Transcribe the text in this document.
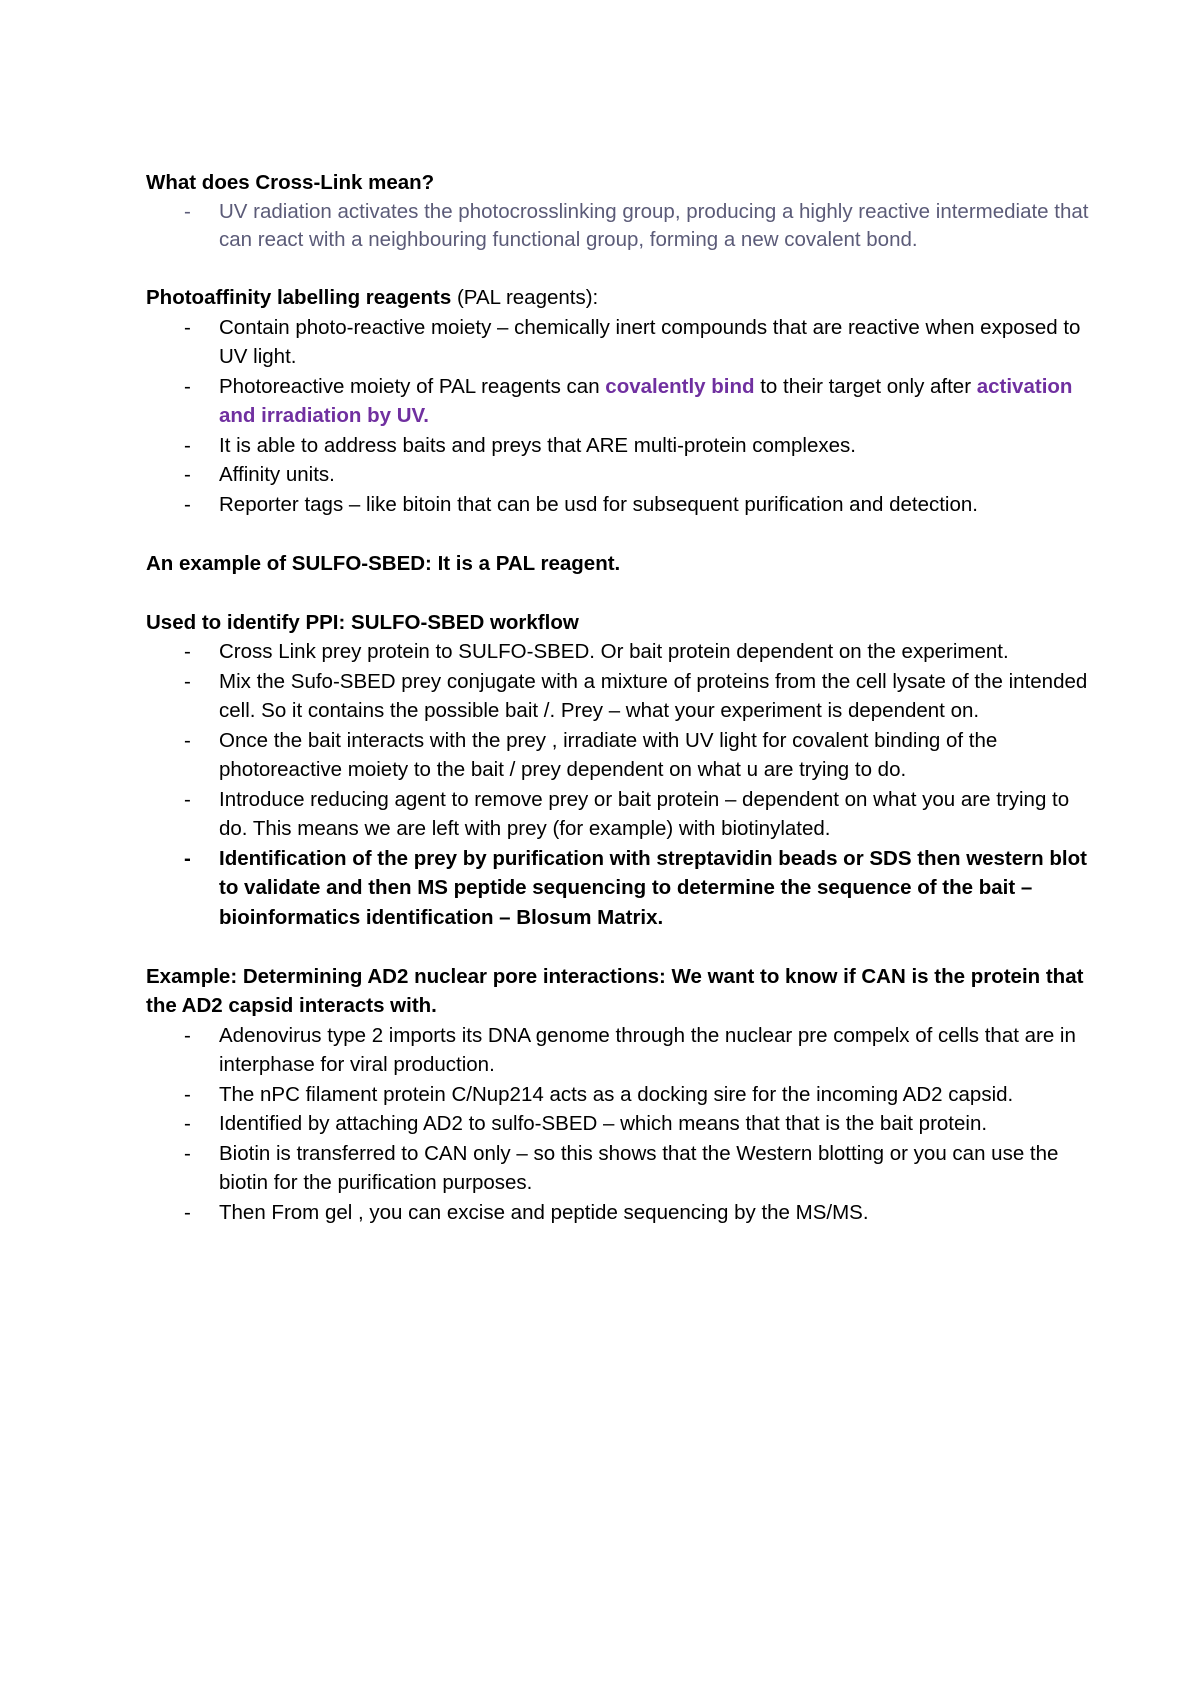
What does Cross-Link mean?

- UV radiation activates the photocrosslinking group, producing a highly reactive intermediate that can react with a neighbouring functional group, forming a new covalent bond.

Photoaffinity labelling reagents (PAL reagents):

- Contain photo-reactive moiety – chemically inert compounds that are reactive when exposed to UV light.
- Photoreactive moiety of PAL reagents can covalently bind to their target only after activation and irradiation by UV.
- It is able to address baits and preys that ARE multi-protein complexes.
- Affinity units.
- Reporter tags – like bitoin that can be usd for subsequent purification and detection.

An example of SULFO-SBED: It is a PAL reagent.

Used to identify PPI: SULFO-SBED workflow

- Cross Link prey protein to SULFO-SBED. Or bait protein dependent on the experiment.
- Mix the Sufo-SBED prey conjugate with a mixture of proteins from the cell lysate of the intended cell. So it contains the possible bait /. Prey – what your experiment is dependent on.
- Once the bait interacts with the prey , irradiate with UV light for covalent binding of the photoreactive moiety to the bait / prey dependent on what u are trying to do.
- Introduce reducing agent to remove prey or bait protein – dependent on what you are trying to do. This means we are left with prey (for example) with biotinylated.
- Identification of the prey by purification with streptavidin beads or SDS then western blot to validate and then MS peptide sequencing to determine the sequence of the bait – bioinformatics identification – Blosum Matrix.

Example: Determining AD2 nuclear pore interactions: We want to know if CAN is the protein that the AD2 capsid interacts with.

- Adenovirus type 2 imports its DNA genome through the nuclear pre compelx of cells that are in interphase for viral production.
- The nPC filament protein C/Nup214 acts as a docking sire for the incoming AD2 capsid.
- Identified by attaching AD2 to sulfo-SBED – which means that that is the bait protein.
- Biotin is transferred to CAN only – so this shows that the Western blotting or you can use the biotin for the purification purposes.
- Then From gel , you can excise and peptide sequencing by the MS/MS.
